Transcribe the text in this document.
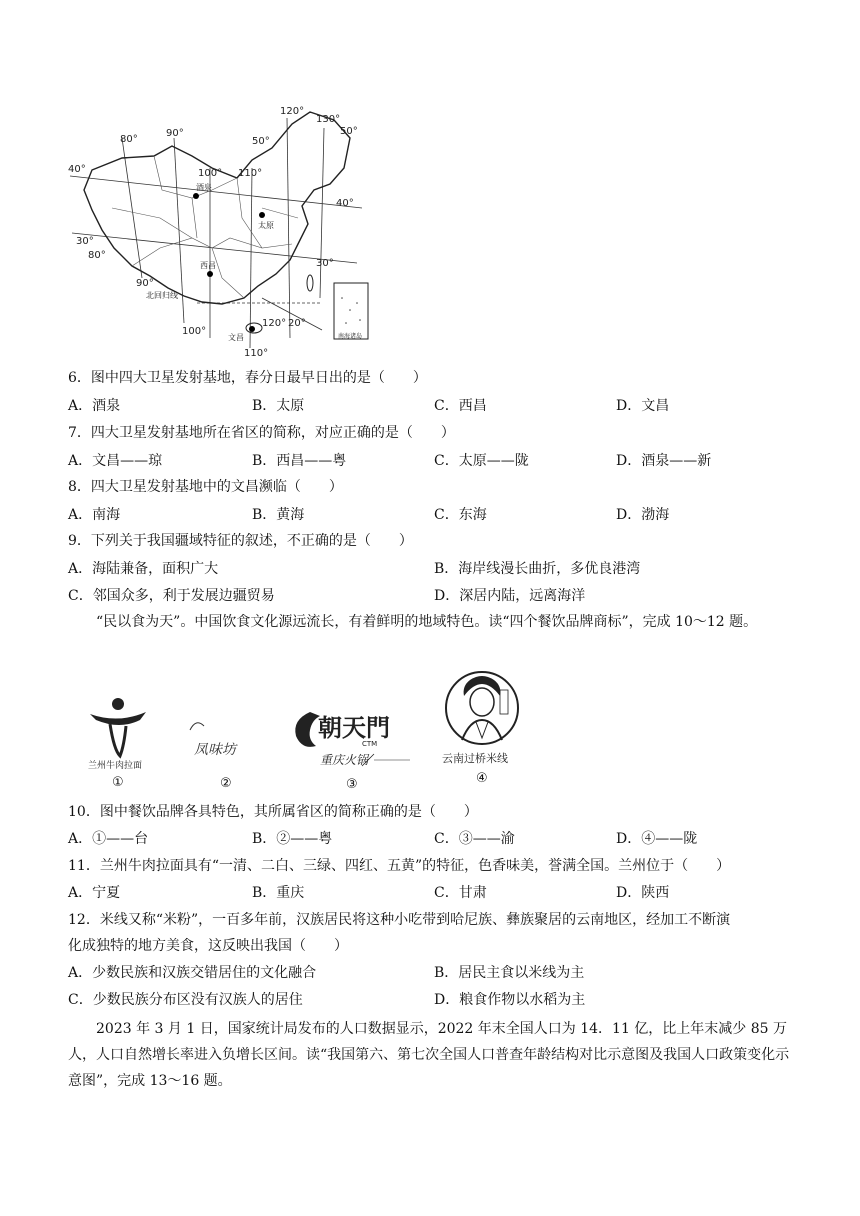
80°
90°
100° 110°
120°
130°
80°
90°
100°
110°
120°
40°
50°
50°
40°
30°
30°
20°
酒泉
太原
西昌
文昌
北回归线
南海诸岛
6．图中四大卫星发射基地，春分日最早日出的是（　　）
A．酒泉	B．太原	C．西昌	D．文昌
7．四大卫星发射基地所在省区的简称，对应正确的是（　　）
A．文昌——琼	B．西昌——粤	C．太原——陇	D．酒泉——新
8．四大卫星发射基地中的文昌濒临（　　）
A．南海	B．黄海	C．东海	D．渤海
9．下列关于我国疆域特征的叙述，不正确的是（　　）
A．海陆兼备，面积广大	B．海岸线漫长曲折，多优良港湾
C．邻国众多，利于发展边疆贸易	D．深居内陆，远离海洋
“民以食为天”。中国饮食文化源远流长，有着鲜明的地域特色。读“四个餐饮品牌商标”，完成 10～12 题。
兰州牛肉拉面
①
凤味坊
②
朝天門
CTM
重庆火锅
③
云南过桥米线
④
10．图中餐饮品牌各具特色，其所属省区的简称正确的是（　　）
A．①——台	B．②——粤	C．③——渝	D．④——陇
11．兰州牛肉拉面具有“一清、二白、三绿、四红、五黄”的特征，色香味美，誉满全国。兰州位于（　　）
A．宁夏	B．重庆	C．甘肃	D．陕西
12．米线又称“米粉”，一百多年前，汉族居民将这种小吃带到哈尼族、彝族聚居的云南地区，经加工不断演
化成独特的地方美食，这反映出我国（　　）
A．少数民族和汉族交错居住的文化融合	B．居民主食以米线为主
C．少数民族分布区没有汉族人的居住	D．粮食作物以水稻为主
2023 年 3 月 1 日，国家统计局发布的人口数据显示，2022 年末全国人口为 14．11 亿，比上年末减少 85 万人，人口自然增长率进入负增长区间。读“我国第六、第七次全国人口普查年龄结构对比示意图及我国人口政策变化示意图”，完成 13～16 题。
